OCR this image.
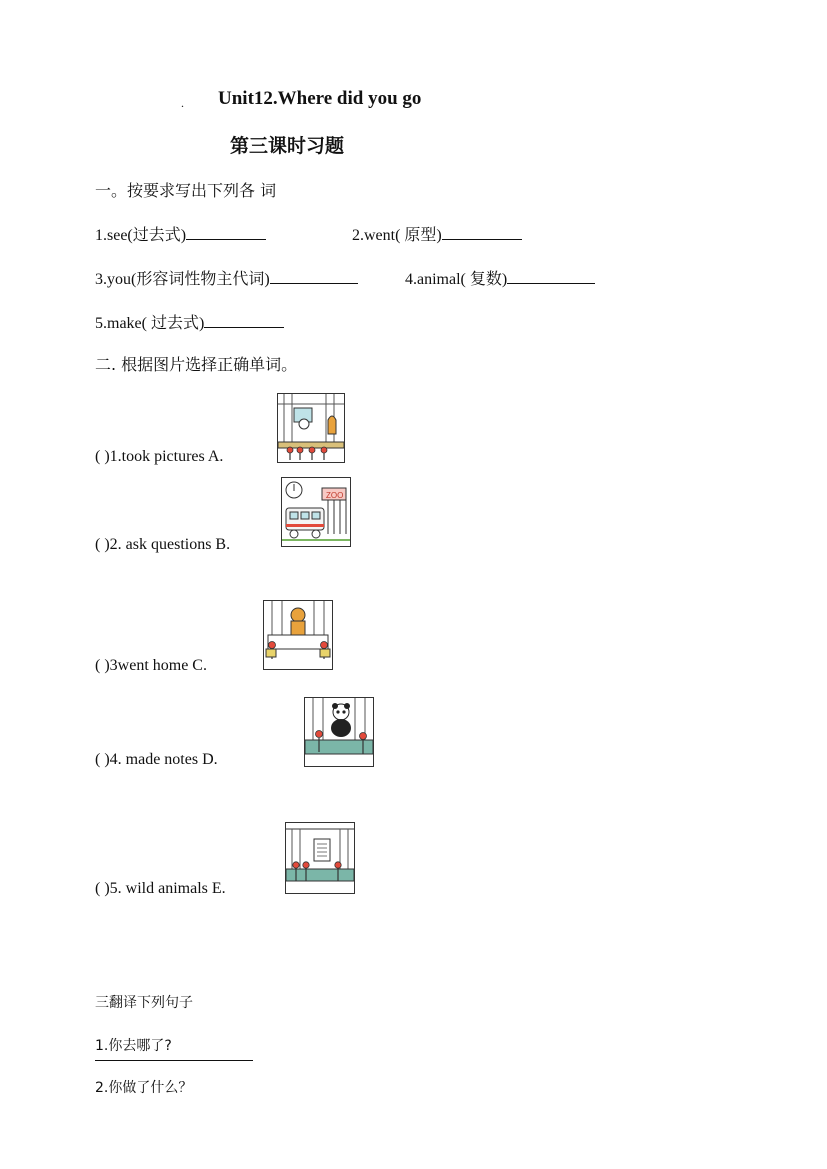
. Unit12.Where did you go
第三课时习题
一。按要求写出下列各 词
1.see(过去式)	2.went( 原型)
3.you(形容词性物主代词)	4.animal( 复数)
5.make( 过去式)
二. 根据图片选择正确单词。
( )1.took pictures A.
( )2. ask questions B.
( )3went home C.
( )4. made notes D.
( )5. wild animals E.
ZOO
三翻译下列句子
1.你去哪了?
2.你做了什么？
